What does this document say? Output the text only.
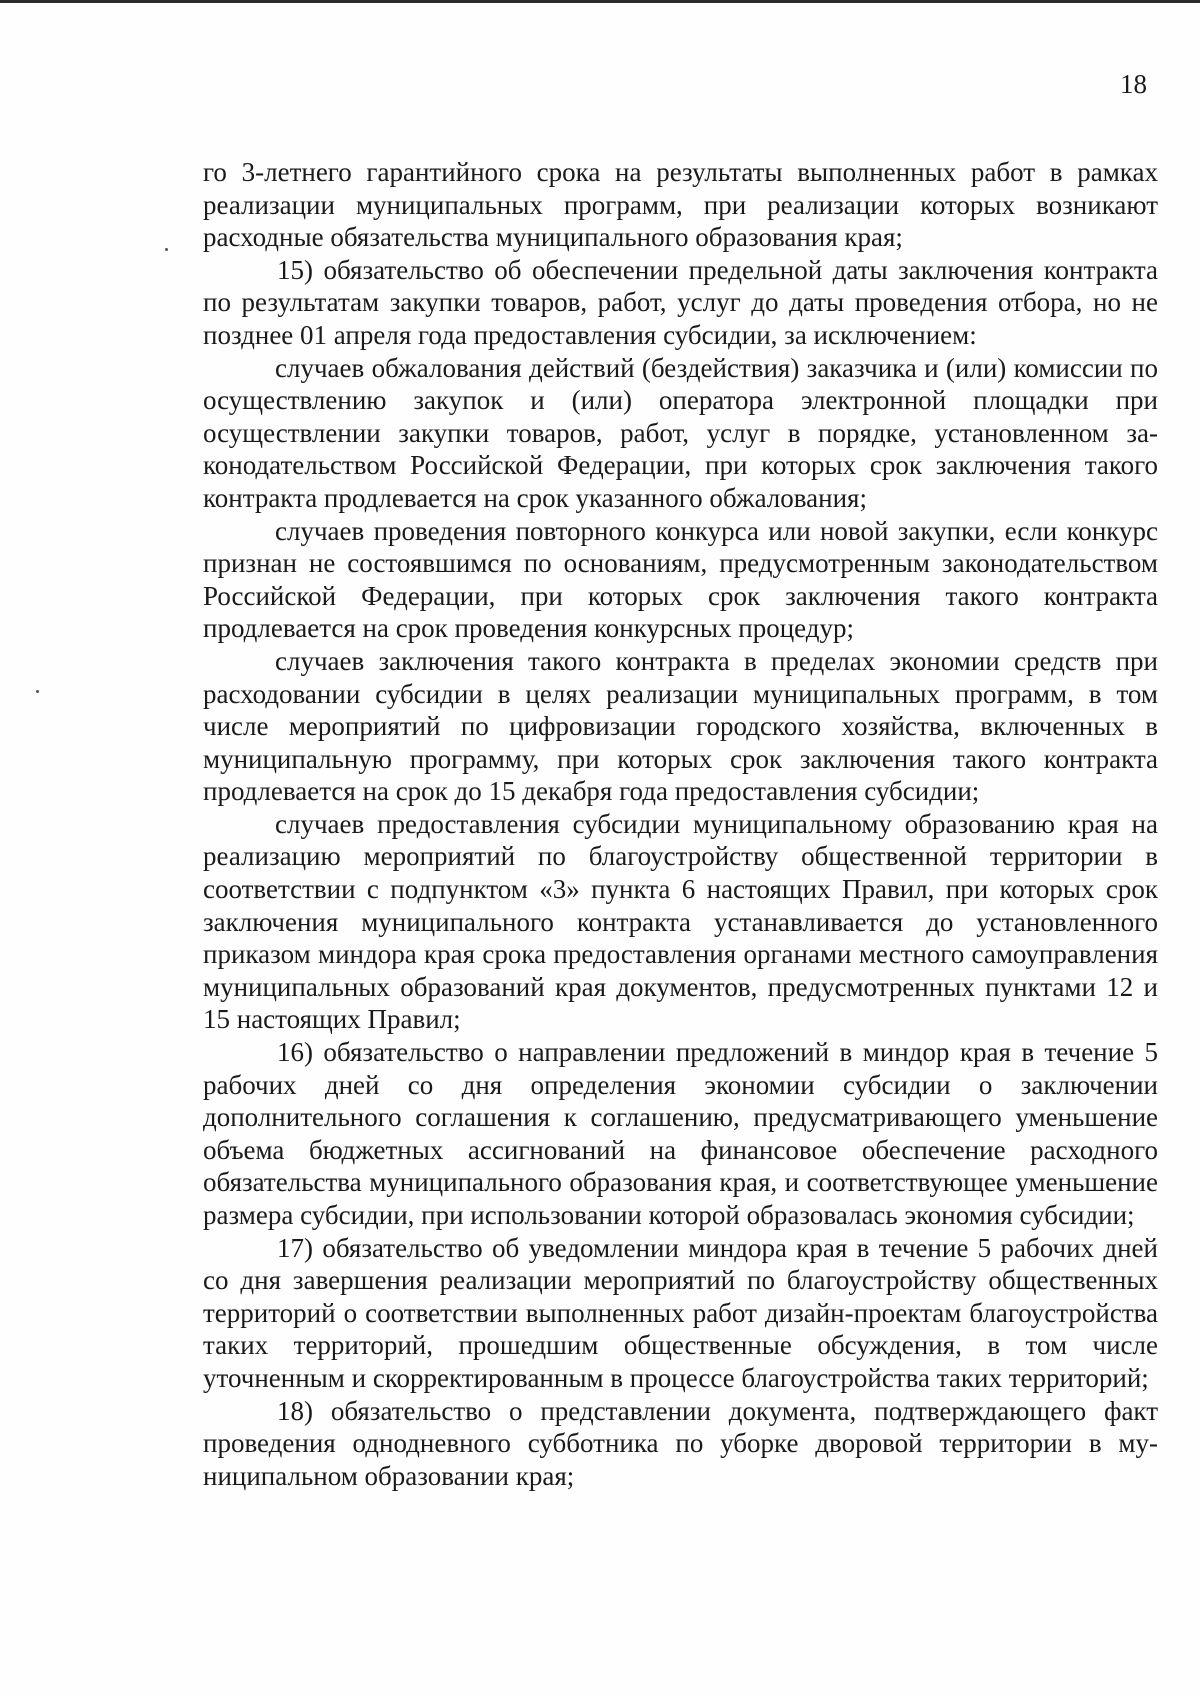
18

го 3-летнего гарантийного срока на результаты выполненных работ в рамках реализации муниципальных программ, при реализации которых возникают расходные обязательства муниципального образования края;

15) обязательство об обеспечении предельной даты заключения контракта по результатам закупки товаров, работ, услуг до даты проведения отбора, но не позднее 01 апреля года предоставления субсидии, за исключением:

случаев обжалования действий (бездействия) заказчика и (или) комиссии по осуществлению закупок и (или) оператора электронной площадки при осуществлении закупки товаров, работ, услуг в порядке, установленном законодательством Российской Федерации, при которых срок заключения такого контракта продлевается на срок указанного обжалования;

случаев проведения повторного конкурса или новой закупки, если конкурс признан не состоявшимся по основаниям, предусмотренным законодательством Российской Федерации, при которых срок заключения такого контракта продлевается на срок проведения конкурсных процедур;

случаев заключения такого контракта в пределах экономии средств при расходовании субсидии в целях реализации муниципальных программ, в том числе мероприятий по цифровизации городского хозяйства, включенных в муниципальную программу, при которых срок заключения такого контракта продлевается на срок до 15 декабря года предоставления субсидии;

случаев предоставления субсидии муниципальному образованию края на реализацию мероприятий по благоустройству общественной территории в соответствии с подпунктом «3» пункта 6 настоящих Правил, при которых срок заключения муниципального контракта устанавливается до установленного приказом миндора края срока предоставления органами местного самоуправления муниципальных образований края документов, предусмотренных пунктами 12 и 15 настоящих Правил;

16) обязательство о направлении предложений в миндор края в течение 5 рабочих дней со дня определения экономии субсидии о заключении дополнительного соглашения к соглашению, предусматривающего уменьшение объема бюджетных ассигнований на финансовое обеспечение расходного обязательства муниципального образования края, и соответствующее уменьшение размера субсидии, при использовании которой образовалась экономия субсидии;

17) обязательство об уведомлении миндора края в течение 5 рабочих дней со дня завершения реализации мероприятий по благоустройству общественных территорий о соответствии выполненных работ дизайн-проектам благоустройства таких территорий, прошедшим общественные обсуждения, в том числе уточненным и скорректированным в процессе благоустройства таких территорий;

18) обязательство о представлении документа, подтверждающего факт проведения однодневного субботника по уборке дворовой территории в муниципальном образовании края;
